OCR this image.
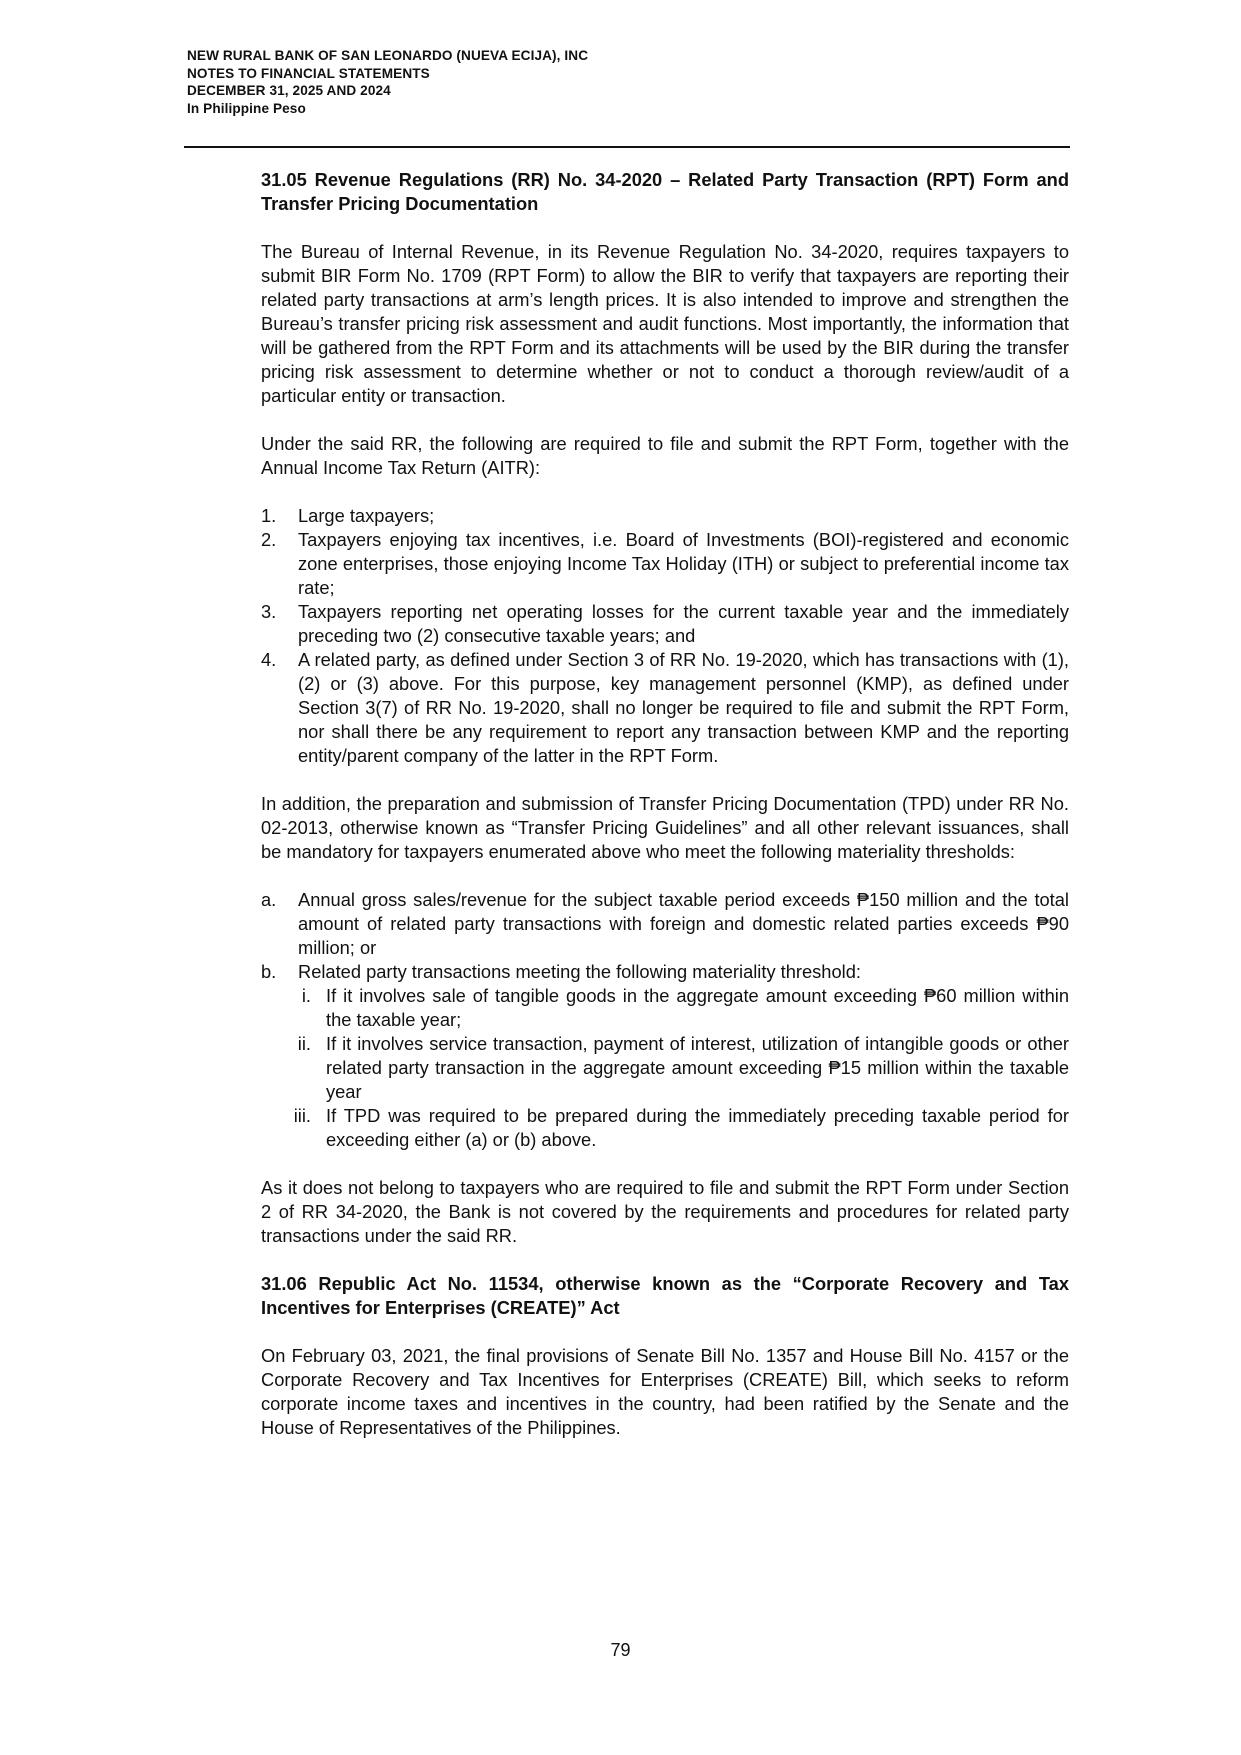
NEW RURAL BANK OF SAN LEONARDO (NUEVA ECIJA), INC
NOTES TO FINANCIAL STATEMENTS
DECEMBER 31, 2025 AND 2024
In Philippine Peso

31.05 Revenue Regulations (RR) No. 34-2020 – Related Party Transaction (RPT) Form and Transfer Pricing Documentation

The Bureau of Internal Revenue, in its Revenue Regulation No. 34-2020, requires taxpayers to submit BIR Form No. 1709 (RPT Form) to allow the BIR to verify that taxpayers are reporting their related party transactions at arm’s length prices. It is also intended to improve and strengthen the Bureau’s transfer pricing risk assessment and audit functions. Most importantly, the information that will be gathered from the RPT Form and its attachments will be used by the BIR during the transfer pricing risk assessment to determine whether or not to conduct a thorough review/audit of a particular entity or transaction.

Under the said RR, the following are required to file and submit the RPT Form, together with the Annual Income Tax Return (AITR):

1. Large taxpayers;
2. Taxpayers enjoying tax incentives, i.e. Board of Investments (BOI)-registered and economic zone enterprises, those enjoying Income Tax Holiday (ITH) or subject to preferential income tax rate;
3. Taxpayers reporting net operating losses for the current taxable year and the immediately preceding two (2) consecutive taxable years; and
4. A related party, as defined under Section 3 of RR No. 19-2020, which has transactions with (1), (2) or (3) above. For this purpose, key management personnel (KMP), as defined under Section 3(7) of RR No. 19-2020, shall no longer be required to file and submit the RPT Form, nor shall there be any requirement to report any transaction between KMP and the reporting entity/parent company of the latter in the RPT Form.

In addition, the preparation and submission of Transfer Pricing Documentation (TPD) under RR No. 02-2013, otherwise known as “Transfer Pricing Guidelines” and all other relevant issuances, shall be mandatory for taxpayers enumerated above who meet the following materiality thresholds:

a. Annual gross sales/revenue for the subject taxable period exceeds ₱150 million and the total amount of related party transactions with foreign and domestic related parties exceeds ₱90 million; or
b. Related party transactions meeting the following materiality threshold:
i. If it involves sale of tangible goods in the aggregate amount exceeding ₱60 million within the taxable year;
ii. If it involves service transaction, payment of interest, utilization of intangible goods or other related party transaction in the aggregate amount exceeding ₱15 million within the taxable year
iii. If TPD was required to be prepared during the immediately preceding taxable period for exceeding either (a) or (b) above.

As it does not belong to taxpayers who are required to file and submit the RPT Form under Section 2 of RR 34-2020, the Bank is not covered by the requirements and procedures for related party transactions under the said RR.

31.06 Republic Act No. 11534, otherwise known as the “Corporate Recovery and Tax Incentives for Enterprises (CREATE)” Act

On February 03, 2021, the final provisions of Senate Bill No. 1357 and House Bill No. 4157 or the Corporate Recovery and Tax Incentives for Enterprises (CREATE) Bill, which seeks to reform corporate income taxes and incentives in the country, had been ratified by the Senate and the House of Representatives of the Philippines.

79
